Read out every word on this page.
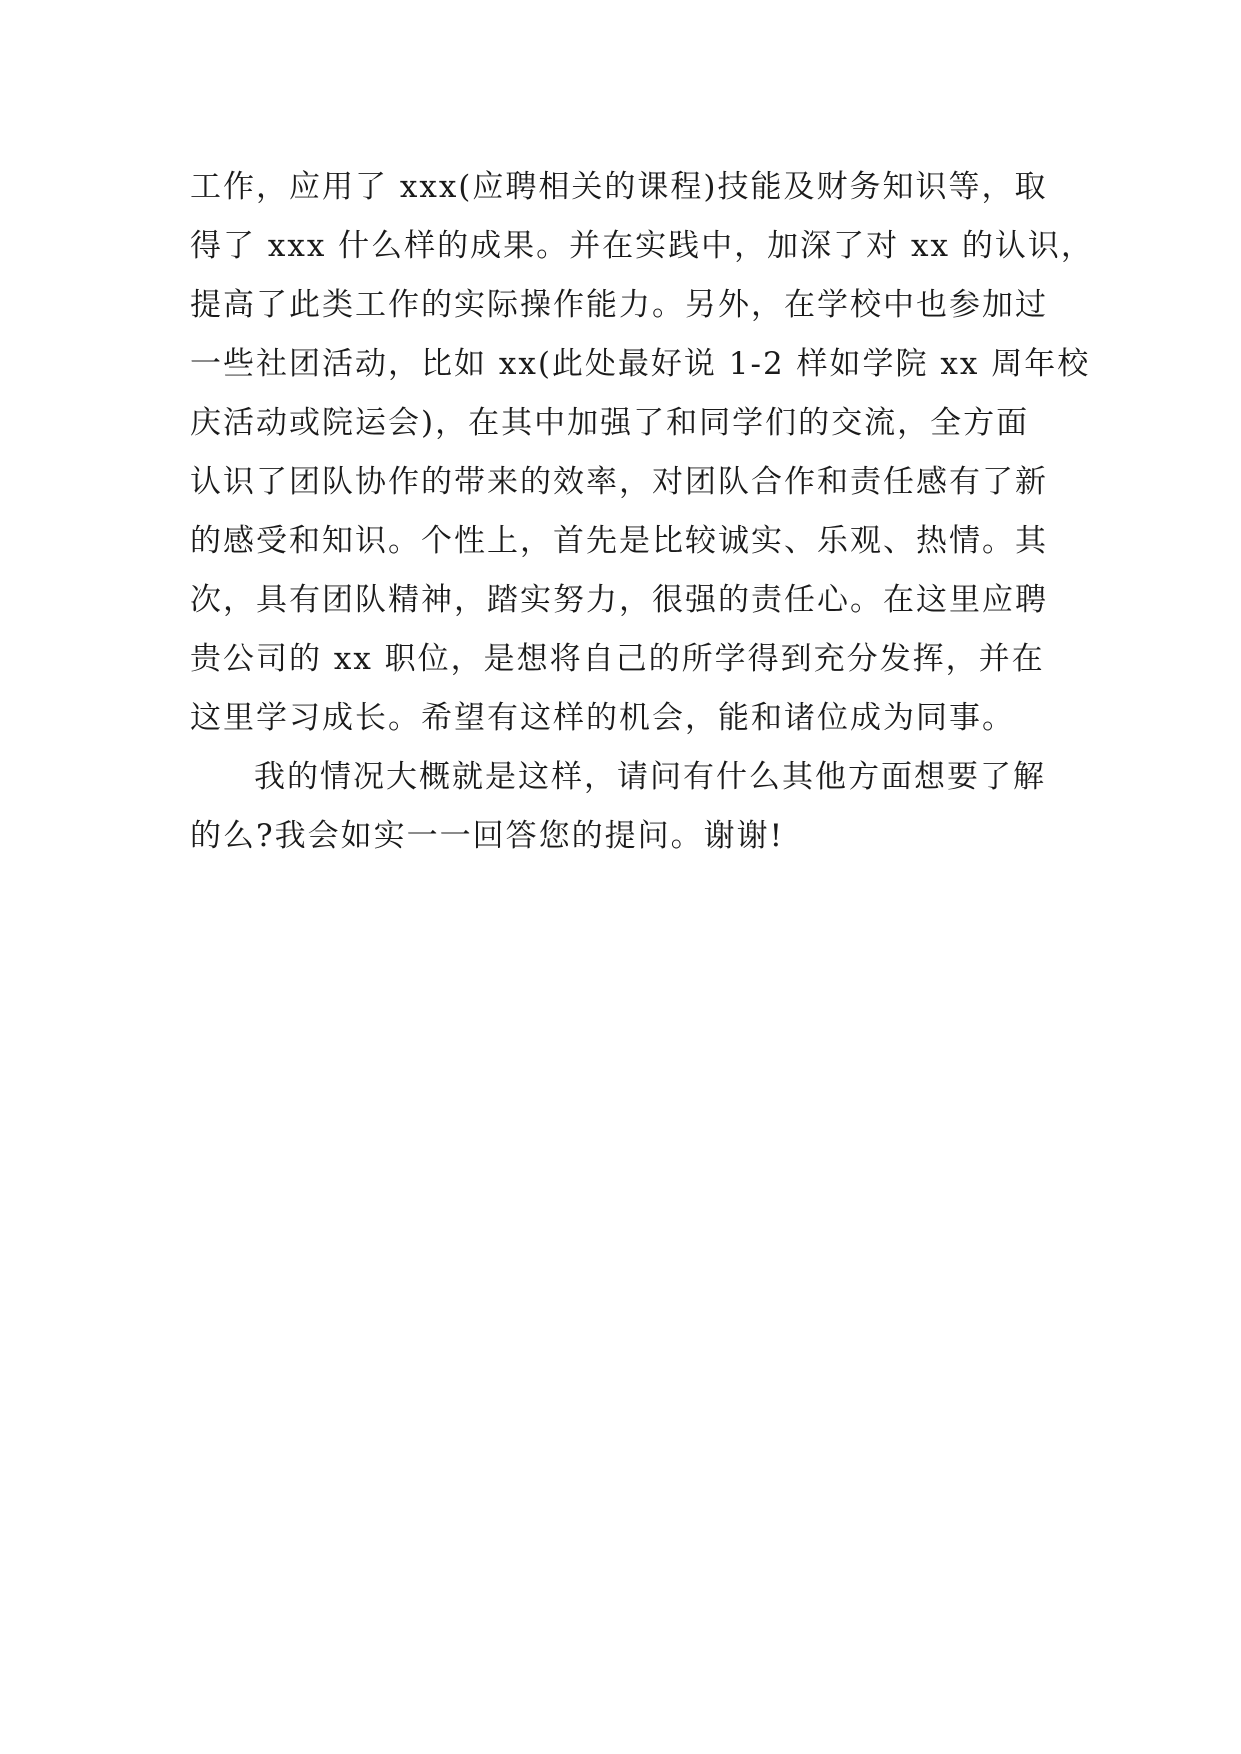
工作，应用了 xxx(应聘相关的课程)技能及财务知识等，取
得了 xxx 什么样的成果。并在实践中，加深了对 xx 的认识，
提高了此类工作的实际操作能力。另外，在学校中也参加过
一些社团活动，比如 xx(此处最好说 1-2 样如学院 xx 周年校
庆活动或院运会)，在其中加强了和同学们的交流，全方面
认识了团队协作的带来的效率，对团队合作和责任感有了新
的感受和知识。个性上，首先是比较诚实、乐观、热情。其
次，具有团队精神，踏实努力，很强的责任心。在这里应聘
贵公司的 xx 职位，是想将自己的所学得到充分发挥，并在
这里学习成长。希望有这样的机会，能和诸位成为同事。
我的情况大概就是这样，请问有什么其他方面想要了解
的么?我会如实一一回答您的提问。谢谢!
